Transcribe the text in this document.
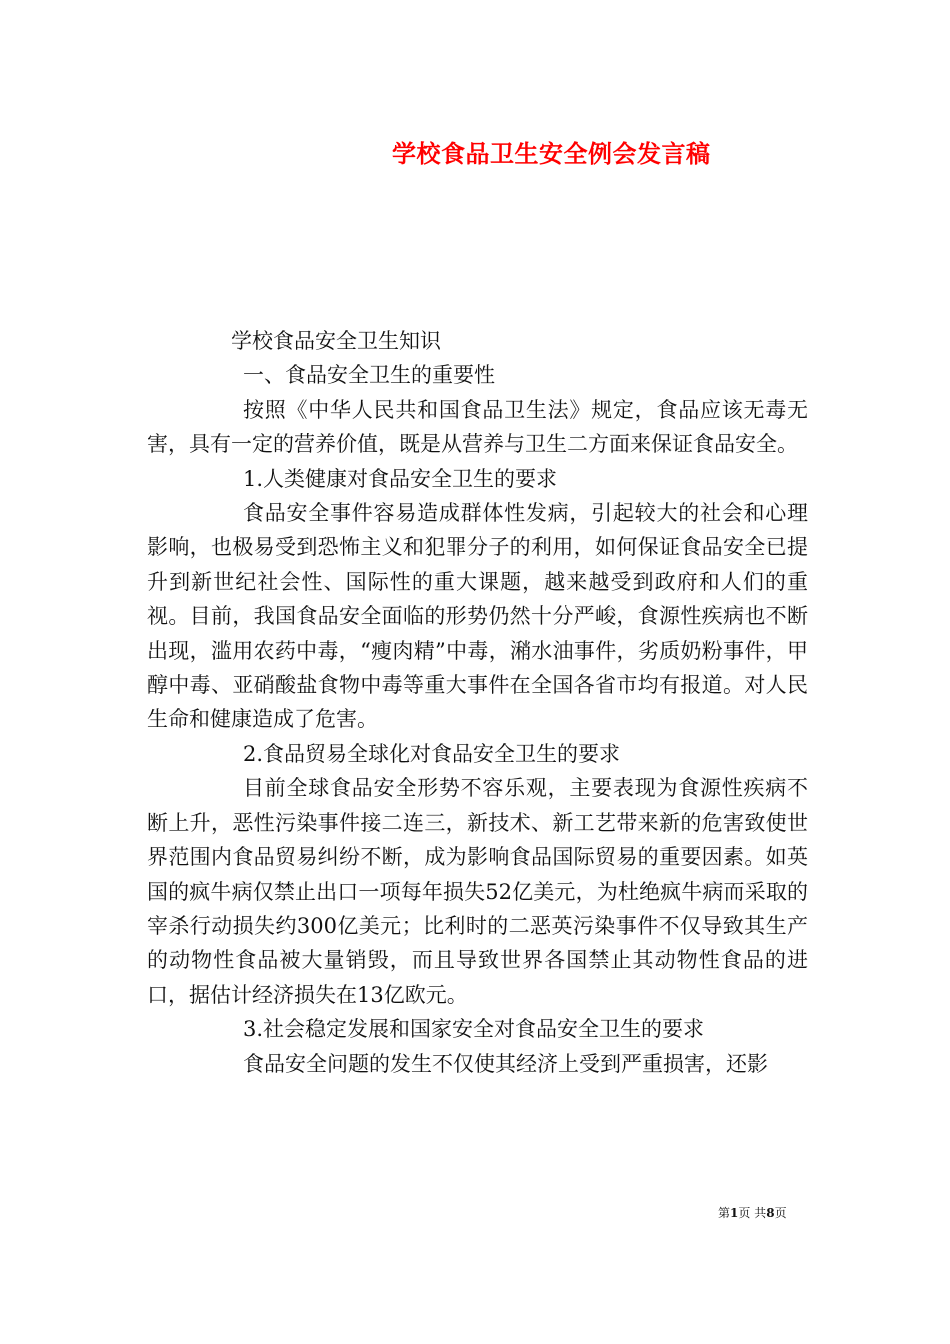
学校食品卫生安全例会发言稿

学校食品安全卫生知识

一、食品安全卫生的重要性

按照《中华人民共和国食品卫生法》规定，食品应该无毒无害，具有一定的营养价值，既是从营养与卫生二方面来保证食品安全。

1.人类健康对食品安全卫生的要求

食品安全事件容易造成群体性发病，引起较大的社会和心理影响，也极易受到恐怖主义和犯罪分子的利用，如何保证食品安全已提升到新世纪社会性、国际性的重大课题，越来越受到政府和人们的重视。目前，我国食品安全面临的形势仍然十分严峻，食源性疾病也不断出现，滥用农药中毒，“瘦肉精”中毒，潲水油事件，劣质奶粉事件，甲醇中毒、亚硝酸盐食物中毒等重大事件在全国各省市均有报道。对人民生命和健康造成了危害。

2.食品贸易全球化对食品安全卫生的要求

目前全球食品安全形势不容乐观，主要表现为食源性疾病不断上升，恶性污染事件接二连三，新技术、新工艺带来新的危害致使世界范围内食品贸易纠纷不断，成为影响食品国际贸易的重要因素。如英国的疯牛病仅禁止出口一项每年损失52亿美元，为杜绝疯牛病而采取的宰杀行动损失约300亿美元；比利时的二恶英污染事件不仅导致其生产的动物性食品被大量销毁，而且导致世界各国禁止其动物性食品的进口，据估计经济损失在13亿欧元。

3.社会稳定发展和国家安全对食品安全卫生的要求

食品安全问题的发生不仅使其经济上受到严重损害，还影

第1页 共8页
